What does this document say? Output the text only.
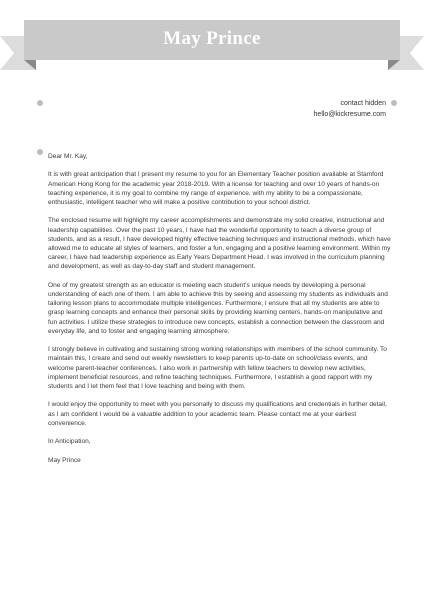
May Prince
contact hidden
hello@kickresume.com

Dear Mr. Kay,

It is with great anticipation that I present my resume to you for an Elementary Teacher position available at Stamford American Hong Kong for the academic year 2018-2019. With a license for teaching and over 10 years of hands-on teaching experience, it is my goal to combine my range of experience, with my ability to be a compassionate, enthusiastic, intelligent teacher who will make a positive contribution to your school district.

The enclosed resume will highlight my career accomplishments and demonstrate my solid creative, instructional and leadership capabilities. Over the past 10 years, I have had the wonderful opportunity to teach a diverse group of students, and as a result, I have developed highly effective teaching techniques and instructional methods, which have allowed me to educate all styles of learners, and foster a fun, engaging and a positive learning environment. Within my career, I have had leadership experience as Early Years Department Head. I was involved in the curriculum planning and development, as well as day-to-day staff and student management.

One of my greatest strength as an educator is meeting each student's unique needs by developing a personal understanding of each one of them. I am able to achieve this by seeing and assessing my students as individuals and tailoring lesson plans to accommodate multiple intelligences. Furthermore, I ensure that all my students are able to grasp learning concepts and enhance their personal skills by providing learning centers, hands-on manipulative and fun activities. I utilize these strategies to introduce new concepts, establish a connection between the classroom and everyday life, and to foster and engaging learning atmosphere.

I strongly believe in cultivating and sustaining strong working relationships with members of the school community. To maintain this, I create and send out weekly newsletters to keep parents up-to-date on school/class events, and welcome parent-teacher conferences. I also work in partnership with fellow teachers to develop new activities, implement beneficial resources, and refine teaching techniques. Furthermore, I establish a good rapport with my students and I let them feel that I love teaching and being with them.

I would enjoy the opportunity to meet with you personally to discuss my qualifications and credentials in further detail, as I am confident I would be a valuable addition to your academic team. Please contact me at your earliest convenience.

In Anticipation,

May Prince
